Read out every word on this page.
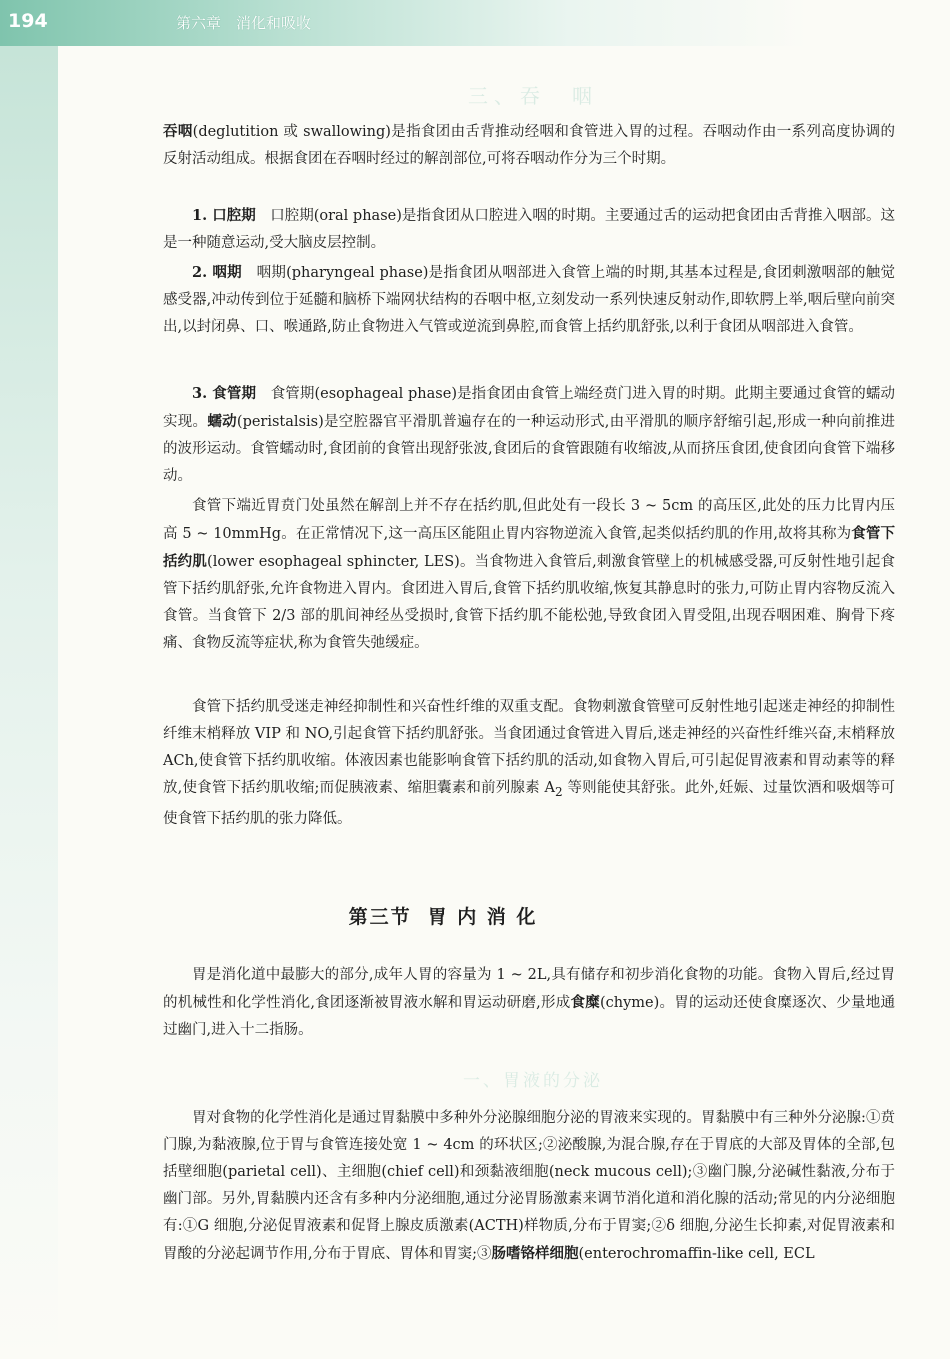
194	第六章　消化和吸收
三、吞　咽
吞咽(deglutition 或 swallowing)是指食团由舌背推动经咽和食管进入胃的过程。吞咽动作由一系列高度协调的反射活动组成。根据食团在吞咽时经过的解剖部位,可将吞咽动作分为三个时期。
1. 口腔期　口腔期(oral phase)是指食团从口腔进入咽的时期。主要通过舌的运动把食团由舌背推入咽部。这是一种随意运动,受大脑皮层控制。
2. 咽期　咽期(pharyngeal phase)是指食团从咽部进入食管上端的时期,其基本过程是,食团刺激咽部的触觉感受器,冲动传到位于延髓和脑桥下端网状结构的吞咽中枢,立刻发动一系列快速反射动作,即软腭上举,咽后壁向前突出,以封闭鼻、口、喉通路,防止食物进入气管或逆流到鼻腔,而食管上括约肌舒张,以利于食团从咽部进入食管。
3. 食管期　食管期(esophageal phase)是指食团由食管上端经贲门进入胃的时期。此期主要通过食管的蠕动实现。蠕动(peristalsis)是空腔器官平滑肌普遍存在的一种运动形式,由平滑肌的顺序舒缩引起,形成一种向前推进的波形运动。食管蠕动时,食团前的食管出现舒张波,食团后的食管跟随有收缩波,从而挤压食团,使食团向食管下端移动。
食管下端近胃贲门处虽然在解剖上并不存在括约肌,但此处有一段长 3 ~ 5cm 的高压区,此处的压力比胃内压高 5 ~ 10mmHg。在正常情况下,这一高压区能阻止胃内容物逆流入食管,起类似括约肌的作用,故将其称为食管下括约肌(lower esophageal sphincter, LES)。当食物进入食管后,刺激食管壁上的机械感受器,可反射性地引起食管下括约肌舒张,允许食物进入胃内。食团进入胃后,食管下括约肌收缩,恢复其静息时的张力,可防止胃内容物反流入食管。当食管下 2/3 部的肌间神经丛受损时,食管下括约肌不能松弛,导致食团入胃受阻,出现吞咽困难、胸骨下疼痛、食物反流等症状,称为食管失弛缓症。
食管下括约肌受迷走神经抑制性和兴奋性纤维的双重支配。食物刺激食管壁可反射性地引起迷走神经的抑制性纤维末梢释放 VIP 和 NO,引起食管下括约肌舒张。当食团通过食管进入胃后,迷走神经的兴奋性纤维兴奋,末梢释放 ACh,使食管下括约肌收缩。体液因素也能影响食管下括约肌的活动,如食物入胃后,可引起促胃液素和胃动素等的释放,使食管下括约肌收缩;而促胰液素、缩胆囊素和前列腺素 $A_2$ 等则能使其舒张。此外,妊娠、过量饮酒和吸烟等可使食管下括约肌的张力降低。
第三节 胃 内 消 化
胃是消化道中最膨大的部分,成年人胃的容量为 1 ~ 2L,具有储存和初步消化食物的功能。食物入胃后,经过胃的机械性和化学性消化,食团逐渐被胃液水解和胃运动研磨,形成食糜(chyme)。胃的运动还使食糜逐次、少量地通过幽门,进入十二指肠。
一、胃液的分泌
胃对食物的化学性消化是通过胃黏膜中多种外分泌腺细胞分泌的胃液来实现的。胃黏膜中有三种外分泌腺:①贲门腺,为黏液腺,位于胃与食管连接处宽 1 ~ 4cm 的环状区;②泌酸腺,为混合腺,存在于胃底的大部及胃体的全部,包括壁细胞(parietal cell)、主细胞(chief cell)和颈黏液细胞(neck mucous cell);③幽门腺,分泌碱性黏液,分布于幽门部。另外,胃黏膜内还含有多种内分泌细胞,通过分泌胃肠激素来调节消化道和消化腺的活动;常见的内分泌细胞有:①G 细胞,分泌促胃液素和促肾上腺皮质激素(ACTH)样物质,分布于胃窦;②δ 细胞,分泌生长抑素,对促胃液素和胃酸的分泌起调节作用,分布于胃底、胃体和胃窦;③肠嗜铬样细胞(enterochromaffin-like cell, ECL
